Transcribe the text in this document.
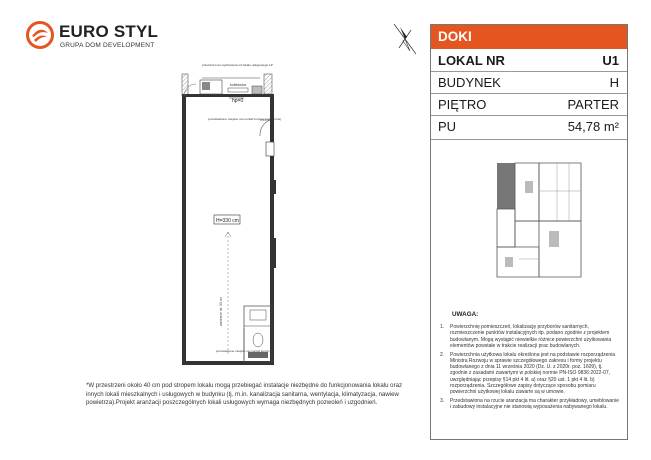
EURO STYL
GRUPA DOM DEVELOPMENT
przestrzeń do wydzielenia od lokalu usługowego LP
kolektorka
hp=0
pozostawione miejsce na montaż kurtyny powietrznej
H=330 cm
zaniżenie ok. 50 cm
pozostawione miejsce na montaż kurtyny
*W przestrzeni około 40 cm pod stropem lokalu mogą przebiegać instalacje niezbędne do funkcjonowania lokalu oraz innych lokali mieszkalnych i usługowych w budynku (tj. m.in. kanalizacja sanitarna, wentylacja, klimatyzacja, nawiew powietrza).Projekt aranżacji poszczególnych lokali usługowych wymaga niezbędnych pozwoleń i uzgodnień.
DOKI
LOKAL NR	U1
BUDYNEK	H
PIĘTRO	PARTER
PU	54,78 m²
UWAGA:
1. Powierzchnię pomieszczeń, lokalizację przyborów sanitarnych, rozmieszczenie punktów instalacyjnych itp. podano zgodnie z projektem budowlanym. Mogą wystąpić niewielkie różnice powierzchni użytkowania elementów powstałe w trakcie realizacji prac budowlanych.
2. Powierzchnia użytkowa lokalu określona jest na podstawie rozporządzenia Ministra Rozwoju w sprawie szczegółowego zakresu i formy projektu budowlanego z dnia 11 września 2020 (Dz. U. z 2020r. poz. 1609), tj. zgodnie z zasadami zawartymi w polskiej normie PN-ISO 9836:2022-07, uwzględniając przepisy §14 pkt 4 lit. a) oraz §20 ust. 1 pkt 4 lit. b) rozporządzenia. Szczegółowe zapisy dotyczące sposobu pomiaru powierzchni użytkowej lokalu zawarte są w umowie.
3. Przedstawiona na rzucie aranżacja ma charakter przykładowy, umeblowanie i zabudowy instalacyjne nie stanowią wyposażenia nabywanego lokalu.
